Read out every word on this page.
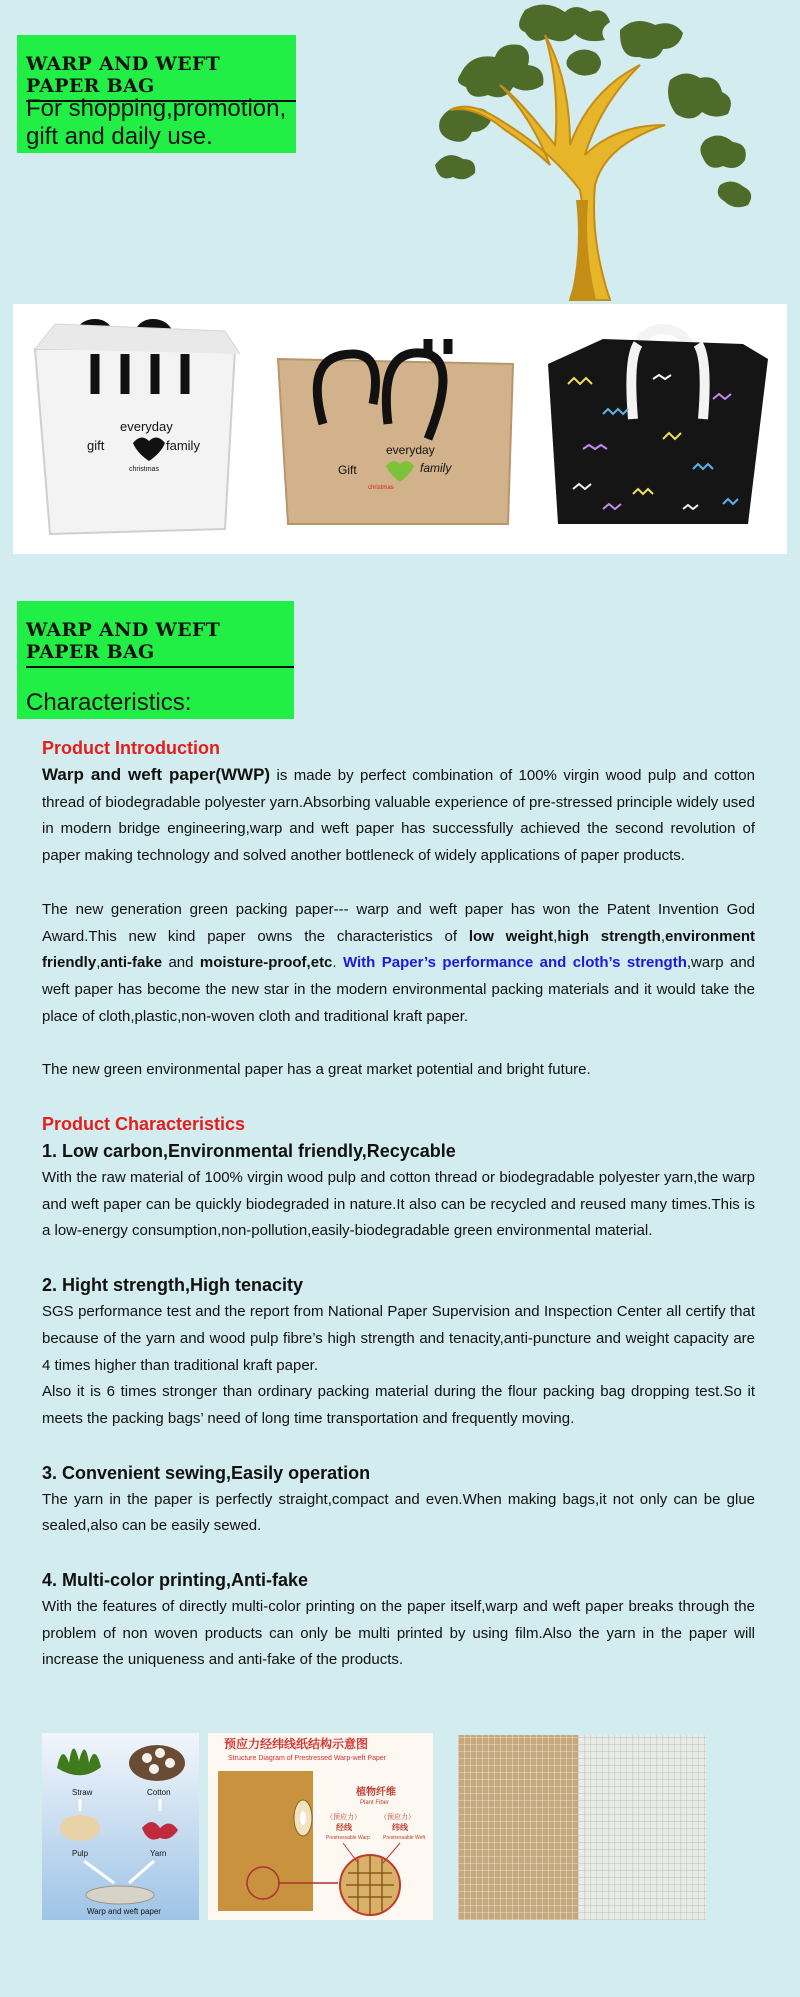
WARP AND WEFT PAPER BAG
For shopping,promotion,
gift and daily use.
everyday
gift	family
christmas
everyday
Gift	family
christmas
WARP AND WEFT PAPER BAG
Characteristics:
Product Introduction

Warp and weft paper(WWP) is made by perfect combination of 100% virgin wood pulp and cotton thread of biodegradable polyester yarn.Absorbing valuable experience of pre-stressed principle widely used in modern bridge engineering,warp and weft paper has successfully achieved the second revolution of paper making technology and solved another bottleneck of widely applications of paper products.

The new generation green packing paper--- warp and weft paper has won the Patent Invention God Award.This new kind paper owns the characteristics of low weight,high strength,environment friendly,anti-fake and moisture-proof,etc. With Paper’s performance and cloth’s strength,warp and weft paper has become the new star in the modern environmental packing materials and it would take the place of cloth,plastic,non-woven cloth and traditional kraft paper.

The new green environmental paper has a great market potential and bright future.

Product Characteristics
1. Low carbon,Environmental friendly,Recycable

With the raw material of 100% virgin wood pulp and cotton thread or biodegradable polyester yarn,the warp and weft paper can be quickly biodegraded in nature.It also can be recycled and reused many times.This is a low-energy consumption,non-pollution,easily-biodegradable green environmental material.

2. Hight strength,High tenacity

SGS performance test and the report from National Paper Supervision and Inspection Center all certify that because of the yarn and wood pulp fibre’s high strength and tenacity,anti-puncture and weight capacity are 4 times higher than traditional kraft paper.

Also it is 6 times stronger than ordinary packing material during the flour packing bag dropping test.So it meets the packing bags’ need of long time transportation and frequently moving.

3. Convenient sewing,Easily operation

The yarn in the paper is perfectly straight,compact and even.When making bags,it not only can be glue sealed,also can be easily sewed.

4. Multi-color printing,Anti-fake

With the features of directly multi-color printing on the paper itself,warp and weft paper breaks through the problem of non woven products can only be multi printed by using film.Also the yarn in the paper will increase the uniqueness and anti-fake of the products.

Straw	Cotton
Pulp	Yarn
Warp and weft paper
预应力经纬线纸结构示意图
Structure Diagram of Prestressed Warp-weft Paper
植物纤维
Plant Fiber
（预应力）	（预应力）
经线	纬线
Prestressable Warp	Prestressable Weft
